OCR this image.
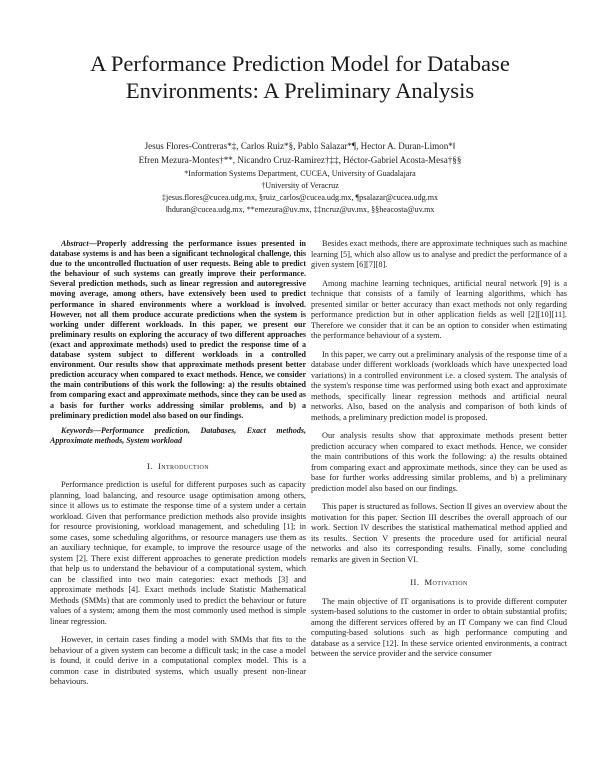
A Performance Prediction Model for Database Environments: A Preliminary Analysis
Jesus Flores-Contreras*‡, Carlos Ruiz*§, Pablo Salazar*¶, Hector A. Duran-Limon*‖
Efren Mezura-Montes†**, Nicandro Cruz-Ramirez†‡‡, Héctor-Gabriel Acosta-Mesa†§§
*Information Systems Department, CUCEA, University of Guadalajara
†University of Veracruz
‡jesus.flores@cucea.udg.mx, §ruiz_carlos@cucea.udg.mx, ¶psalazar@cucea.udg.mx
‖hduran@cucea.udg.mx, **emezura@uv.mx, ‡‡ncruz@uv.mx, §§heacosta@uv.mx

Abstract—Properly addressing the performance issues presented in database systems is and has been a significant technological challenge, this due to the uncontrolled fluctuation of user requests. Being able to predict the behaviour of such systems can greatly improve their performance. Several prediction methods, such as linear regression and autoregressive moving average, among others, have extensively been used to predict performance in shared environments where a workload is involved. However, not all them produce accurate predictions when the system is working under different workloads. In this paper, we present our preliminary results on exploring the accuracy of two different approaches (exact and approximate methods) used to predict the response time of a database system subject to different workloads in a controlled environment. Our results show that approximate methods present better prediction accuracy when compared to exact methods. Hence, we consider the main contributions of this work the following: a) the results obtained from comparing exact and approximate methods, since they can be used as a basis for further works addressing similar problems, and b) a preliminary prediction model also based on our findings.

Keywords—Performance prediction, Databases, Exact methods, Approximate methods, System workload

I. Introduction

Performance prediction is useful for different purposes such as capacity planning, load balancing, and resource usage optimisation among others, since it allows us to estimate the response time of a system under a certain workload. Given that performance prediction methods also provide insights for resource provisioning, workload management, and scheduling [1]; in some cases, some scheduling algorithms, or resource managers use them as an auxiliary technique, for example, to improve the resource usage of the system [2]. There exist different approaches to generate prediction models that help us to understand the behaviour of a computational system, which can be classified into two main categories: exact methods [3] and approximate methods [4]. Exact methods include Statistic Mathematical Methods (SMMs) that are commonly used to predict the behaviour or future values of a system; among them the most commonly used method is simple linear regression.

However, in certain cases finding a model with SMMs that fits to the behaviour of a given system can become a difficult task; in the case a model is found, it could derive in a computational complex model. This is a common case in distributed systems, which usually present non-linear behaviours.

Besides exact methods, there are approximate techniques such as machine learning [5], which also allow us to analyse and predict the performance of a given system [6][7][8].

Among machine learning techniques, artificial neural network [9] is a technique that consists of a family of learning algorithms, which has presented similar or better accuracy than exact methods not only regarding performance prediction but in other application fields as well [2][10][11]. Therefore we consider that it can be an option to consider when estimating the performance behaviour of a system.

In this paper, we carry out a preliminary analysis of the response time of a database under different workloads (workloads which have unexpected load variations) in a controlled environment i.e. a closed system. The analysis of the system's response time was performed using both exact and approximate methods, specifically linear regression methods and artificial neural networks. Also, based on the analysis and comparison of both kinds of methods, a preliminary prediction model is proposed.

Our analysis results show that approximate methods present better prediction accuracy when compared to exact methods. Hence, we consider the main contributions of this work the following: a) the results obtained from comparing exact and approximate methods, since they can be used as base for further works addressing similar problems, and b) a preliminary prediction model also based on our findings.

This paper is structured as follows. Section II gives an overview about the motivation for this paper. Section III describes the overall approach of our work. Section IV describes the statistical mathematical method applied and its results. Section V presents the procedure used for artificial neural networks and also its corresponding results. Finally, some concluding remarks are given in Section VI.

II. Motivation

The main objective of IT organisations is to provide different computer system-based solutions to the customer in order to obtain substantial profits; among the different services offered by an IT Company we can find Cloud computing-based solutions such as high performance computing and database as a service [12]. In these service oriented environments, a contract between the service provider and the service consumer
